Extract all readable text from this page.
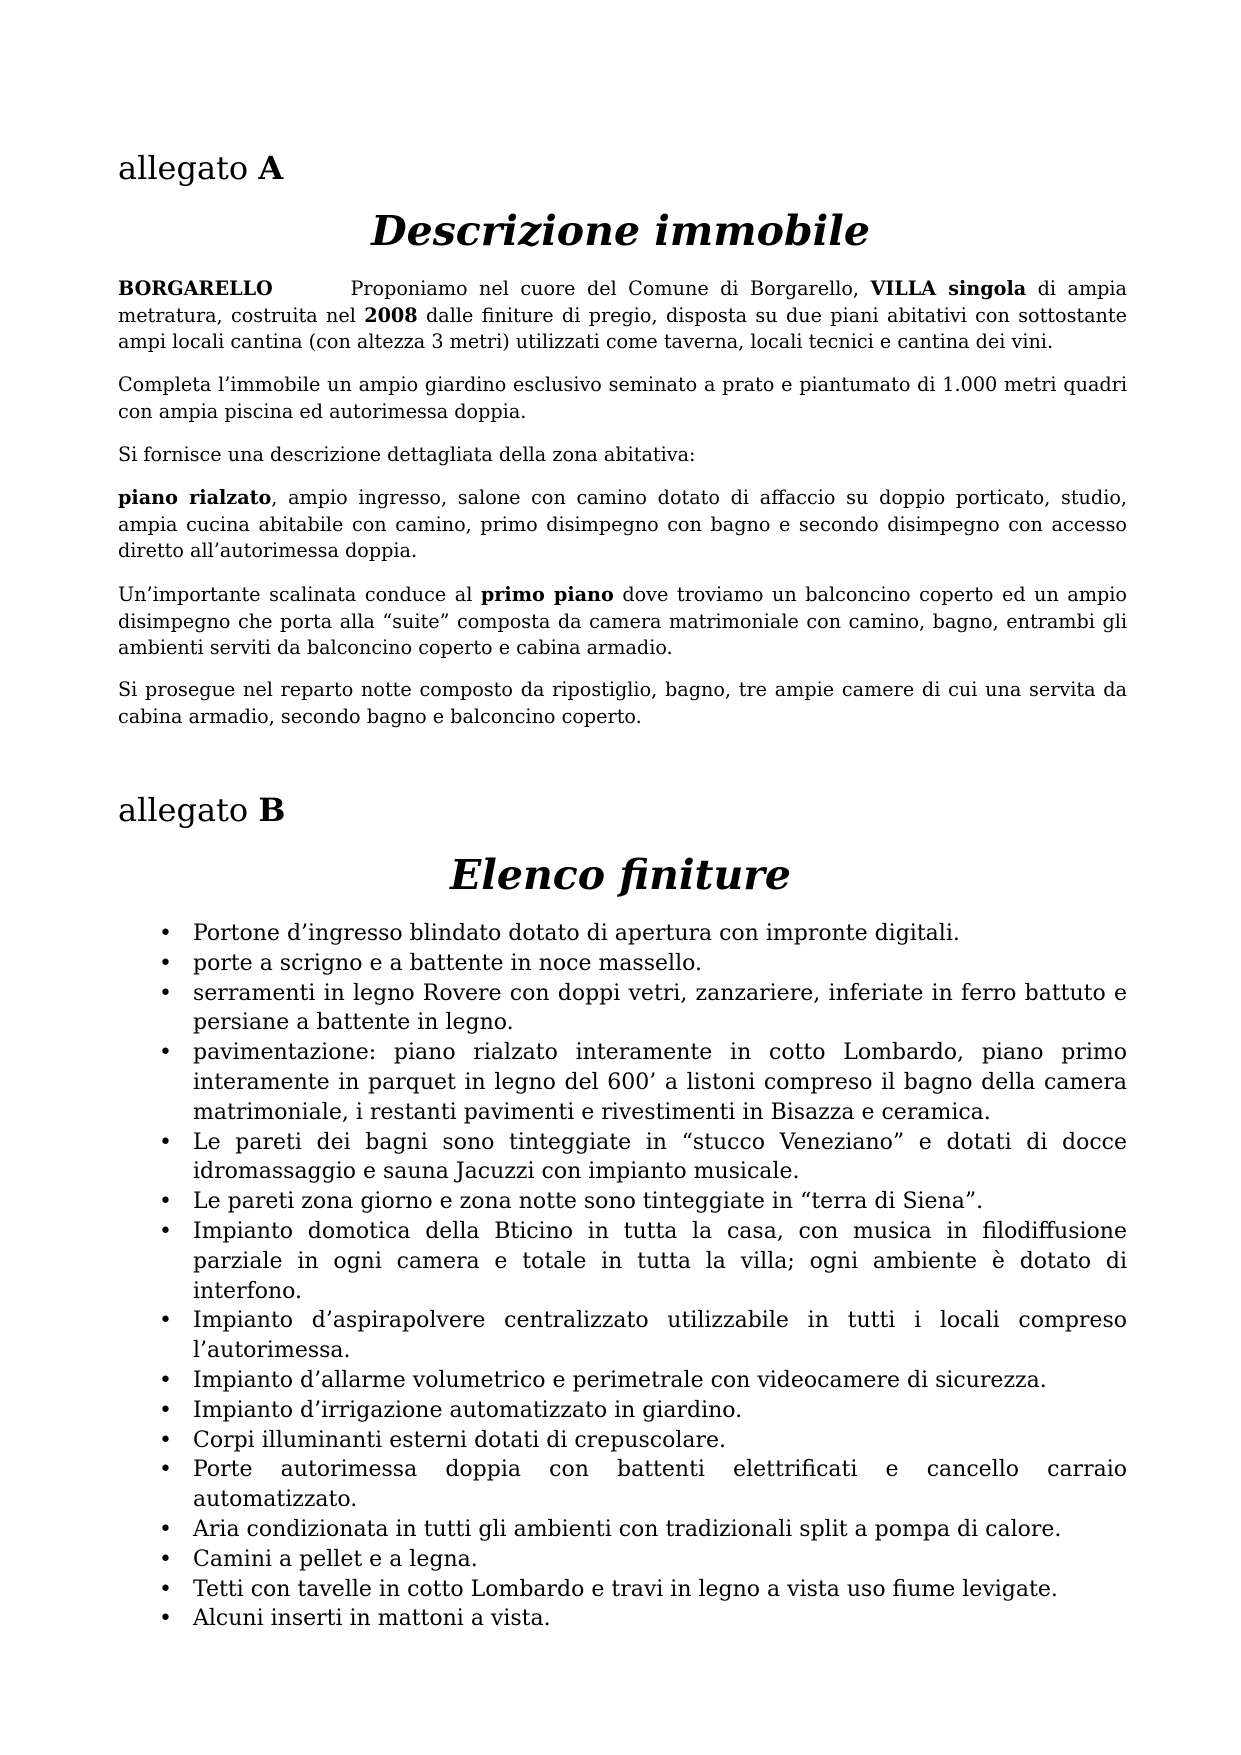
allegato A
Descrizione immobile

BORGARELLO	Proponiamo nel cuore del Comune di Borgarello, VILLA singola di ampia metratura, costruita nel 2008 dalle finiture di pregio, disposta su due piani abitativi con sottostante ampi locali cantina (con altezza 3 metri) utilizzati come taverna, locali tecnici e cantina dei vini.

Completa l’immobile un ampio giardino esclusivo seminato a prato e piantumato di 1.000 metri quadri con ampia piscina ed autorimessa doppia.

Si fornisce una descrizione dettagliata della zona abitativa:

piano rialzato, ampio ingresso, salone con camino dotato di affaccio su doppio porticato, studio, ampia cucina abitabile con camino, primo disimpegno con bagno e secondo disimpegno con accesso diretto all’autorimessa doppia.

Un’importante scalinata conduce al primo piano dove troviamo un balconcino coperto ed un ampio disimpegno che porta alla “suite” composta da camera matrimoniale con camino, bagno, entrambi gli ambienti serviti da balconcino coperto e cabina armadio.

Si prosegue nel reparto notte composto da ripostiglio, bagno, tre ampie camere di cui una servita da cabina armadio, secondo bagno e balconcino coperto.

allegato B
Elenco finiture
• Portone d’ingresso blindato dotato di apertura con impronte digitali.
• porte a scrigno e a battente in noce massello.
• serramenti in legno Rovere con doppi vetri, zanzariere, inferiate in ferro battuto e persiane a battente in legno.
• pavimentazione: piano rialzato interamente in cotto Lombardo, piano primo interamente in parquet in legno del 600’ a listoni compreso il bagno della camera matrimoniale, i restanti pavimenti e rivestimenti in Bisazza e ceramica.
• Le pareti dei bagni sono tinteggiate in “stucco Veneziano” e dotati di docce idromassaggio e sauna Jacuzzi con impianto musicale.
• Le pareti zona giorno e zona notte sono tinteggiate in “terra di Siena”.
• Impianto domotica della Bticino in tutta la casa, con musica in filodiffusione parziale in ogni camera e totale in tutta la villa; ogni ambiente è dotato di interfono.
• Impianto d’aspirapolvere centralizzato utilizzabile in tutti i locali compreso l’autorimessa.
• Impianto d’allarme volumetrico e perimetrale con videocamere di sicurezza.
• Impianto d’irrigazione automatizzato in giardino.
• Corpi illuminanti esterni dotati di crepuscolare.
• Porte autorimessa doppia con battenti elettrificati e cancello carraio automatizzato.
• Aria condizionata in tutti gli ambienti con tradizionali split a pompa di calore.
• Camini a pellet e a legna.
• Tetti con tavelle in cotto Lombardo e travi in legno a vista uso fiume levigate.
• Alcuni inserti in mattoni a vista.
